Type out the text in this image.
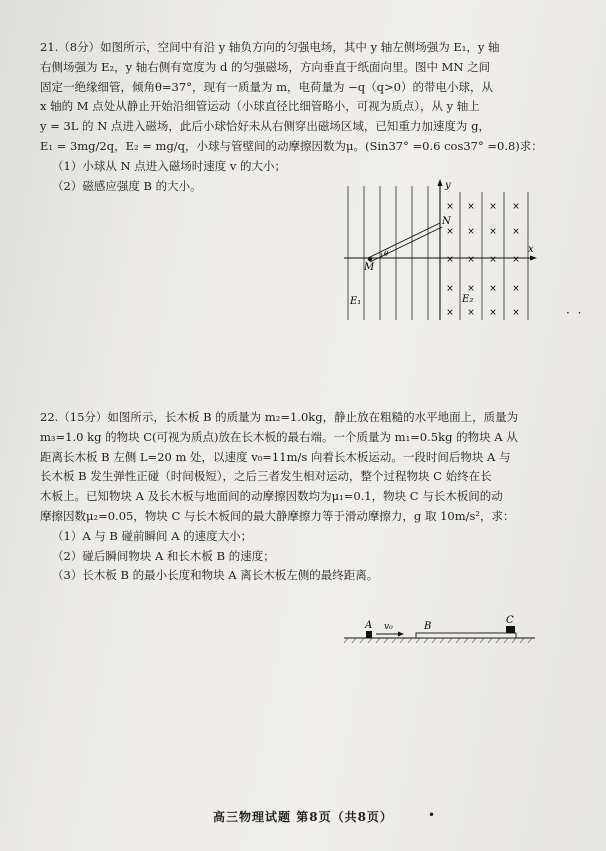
21.（8分）如图所示，空间中有沿 y 轴负方向的匀强电场，其中 y 轴左侧场强为 E₁，y 轴

右侧场强为 E₂，y 轴右侧有宽度为 d 的匀强磁场，方向垂直于纸面向里。图中 MN 之间

固定一绝缘细管，倾角θ=37°，现有一质量为 m，电荷量为 −q（q>0）的带电小球，从

x 轴的 M 点处从静止开始沿细管运动（小球直径比细管略小，可视为质点），从 y 轴上

y = 3L 的 N 点进入磁场，此后小球恰好未从右侧穿出磁场区域，已知重力加速度为 g，

E₁ = 3mg/2q，E₂ = mg/q，小球与管壁间的动摩擦因数为μ。(Sin37° =0.6 cos37° =0.8)求：

（1）小球从 N 点进入磁场时速度 v 的大小；

（2）磁感应强度 B 的大小。	y
x
N
M
θ
E₁	E₂
× × × ×
× × × ×
× × × ×
× × × ×
× × × ×	· ·

22.（15分）如图所示，长木板 B 的质量为 m₂=1.0kg，静止放在粗糙的水平地面上，质量为

m₃=1.0 kg 的物块 C(可视为质点)放在长木板的最右端。一个质量为 m₁=0.5kg 的物块 A 从

距离长木板 B 左侧 L=20 m 处，以速度 v₀=11m/s 向着长木板运动。一段时间后物块 A 与

长木板 B 发生弹性正碰（时间极短），之后三者发生相对运动，整个过程物块 C 始终在长

木板上。已知物块 A 及长木板与地面间的动摩擦因数均为μ₁=0.1，物块 C 与长木板间的动

摩擦因数μ₂=0.05，物块 C 与长木板间的最大静摩擦力等于滑动摩擦力，g 取 10m/s²，求：

（1）A 与 B 碰前瞬间 A 的速度大小；

（2）碰后瞬间物块 A 和长木板 B 的速度；

（3）长木板 B 的最小长度和物块 A 离长木板左侧的最终距离。

A v₀	B
C
高三物理试题 第8页（共8页）	•
